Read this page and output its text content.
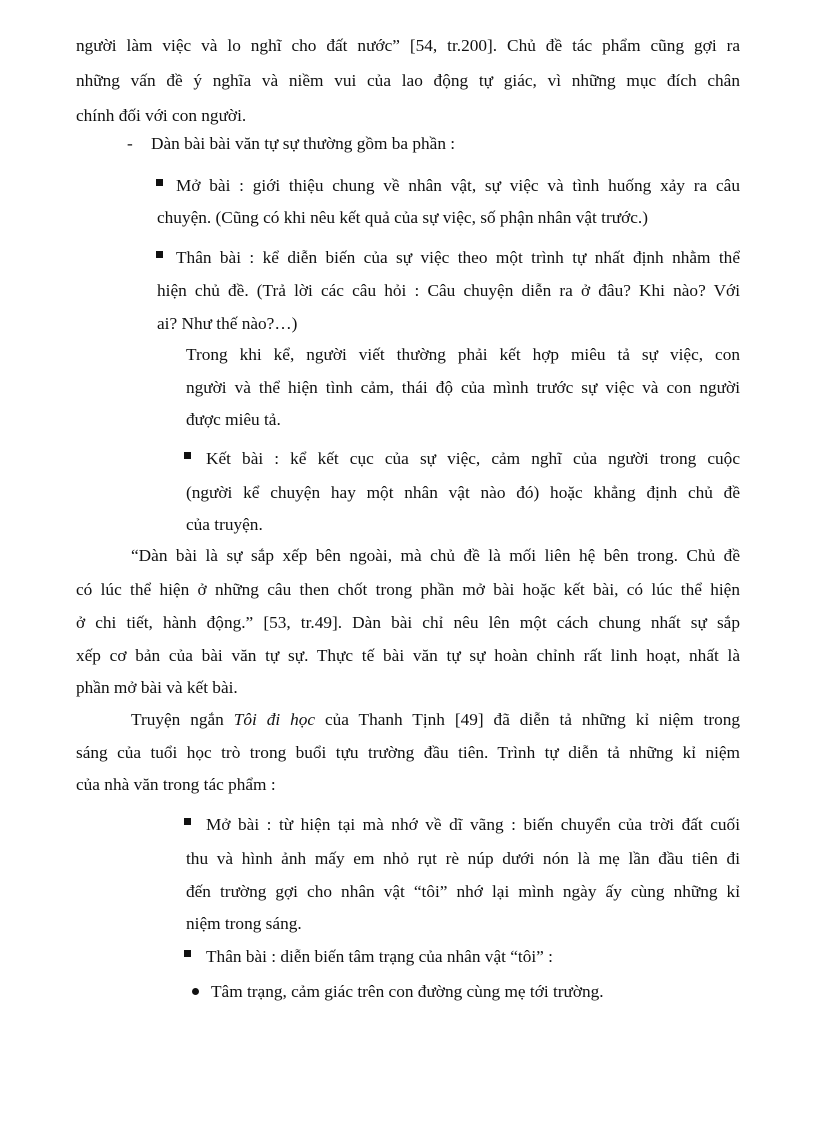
người làm việc và lo nghĩ cho đất nước” [54, tr.200]. Chủ đề tác phẩm cũng gợi ra
những vấn đề ý nghĩa và niềm vui của lao động tự giác, vì những mục đích chân
chính đối với con người.
- Dàn bài bài văn tự sự thường gồm ba phần :
Mở bài : giới thiệu chung về nhân vật, sự việc và tình huống xảy ra câu
chuyện. (Cũng có khi nêu kết quả của sự việc, số phận nhân vật trước.)
Thân bài : kể diễn biến của sự việc theo một trình tự nhất định nhằm thể
hiện chủ đề. (Trả lời các câu hỏi : Câu chuyện diễn ra ở đâu? Khi nào? Với
ai? Như thế nào?…)
Trong khi kể, người viết thường phải kết hợp miêu tả sự việc, con
người và thể hiện tình cảm, thái độ của mình trước sự việc và con người
được miêu tả.
Kết bài : kể kết cục của sự việc, cảm nghĩ của người trong cuộc
(người kể chuyện hay một nhân vật nào đó) hoặc khẳng định chủ đề
của truyện.
“Dàn bài là sự sắp xếp bên ngoài, mà chủ đề là mối liên hệ bên trong. Chủ đề
có lúc thể hiện ở những câu then chốt trong phần mở bài hoặc kết bài, có lúc thể hiện
ở chi tiết, hành động.” [53, tr.49]. Dàn bài chỉ nêu lên một cách chung nhất sự sắp
xếp cơ bản của bài văn tự sự. Thực tế bài văn tự sự hoàn chỉnh rất linh hoạt, nhất là
phần mở bài và kết bài.
Truyện ngắn Tôi đi học của Thanh Tịnh [49] đã diễn tả những kỉ niệm trong
sáng của tuổi học trò trong buổi tựu trường đầu tiên. Trình tự diễn tả những kỉ niệm
của nhà văn trong tác phẩm :
Mở bài : từ hiện tại mà nhớ về dĩ vãng : biến chuyển của trời đất cuối
thu và hình ảnh mấy em nhỏ rụt rè núp dưới nón là mẹ lần đầu tiên đi
đến trường gợi cho nhân vật “tôi” nhớ lại mình ngày ấy cùng những kỉ
niệm trong sáng.
Thân bài : diễn biến tâm trạng của nhân vật “tôi” :
Tâm trạng, cảm giác trên con đường cùng mẹ tới trường.
